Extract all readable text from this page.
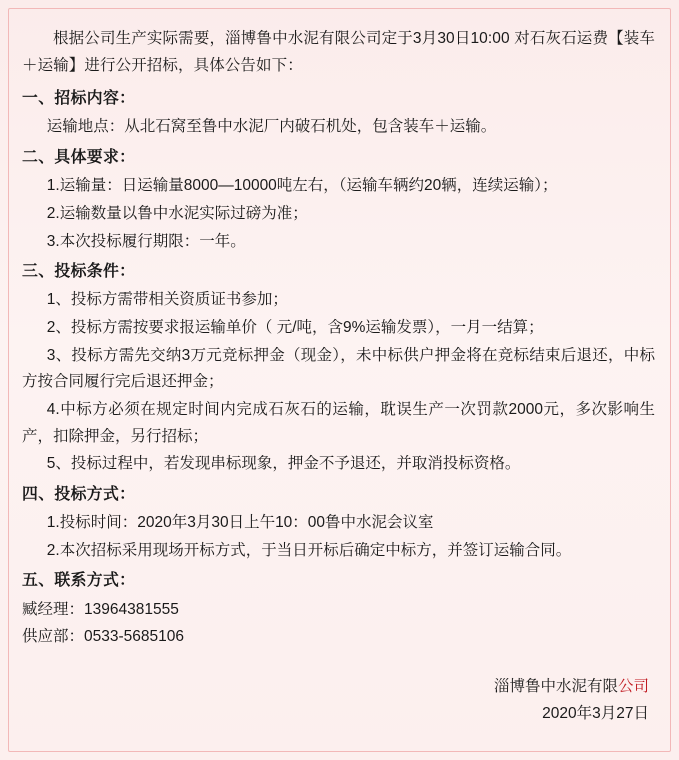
根据公司生产实际需要，淄博鲁中水泥有限公司定于3月30日10:00 对石灰石运费【装车＋运输】进行公开招标，具体公告如下：

一、招标内容：

运输地点：从北石窝至鲁中水泥厂内破石机处，包含装车＋运输。

二、具体要求：

1.运输量：日运输量8000—10000吨左右，（运输车辆约20辆，连续运输）；

2.运输数量以鲁中水泥实际过磅为准；

3.本次投标履行期限：一年。

三、投标条件：

1、投标方需带相关资质证书参加；

2、投标方需按要求报运输单价（ 元/吨，含9%运输发票），一月一结算；

3、投标方需先交纳3万元竞标押金（现金），未中标供户押金将在竞标结束后退还，中标方按合同履行完后退还押金；

4.中标方必须在规定时间内完成石灰石的运输，耽误生产一次罚款2000元，多次影响生产，扣除押金，另行招标；

5、投标过程中，若发现串标现象，押金不予退还，并取消投标资格。

四、投标方式：

1.投标时间：2020年3月30日上午10：00鲁中水泥会议室

2.本次招标采用现场开标方式，于当日开标后确定中标方，并签订运输合同。

五、联系方式：

臧经理：13964381555

供应部：0533-5685106

淄博鲁中水泥有限公司
2020年3月27日
